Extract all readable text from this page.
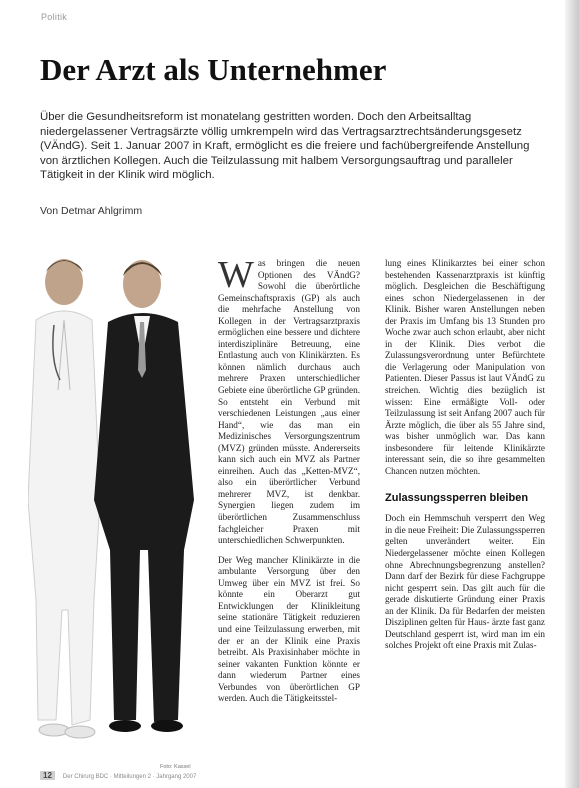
Politik
Der Arzt als Unternehmer
Über die Gesundheitsreform ist monatelang gestritten worden. Doch den Arbeitsalltag niedergelassener Vertragsärzte völlig umkrempeln wird das Vertragsarztrechtsänderungsgesetz (VÄndG). Seit 1. Januar 2007 in Kraft, ermöglicht es die freiere und fachübergreifende Anstellung von ärztlichen Kollegen. Auch die Teilzulassung mit halbem Versorgungsauftrag und paralleler Tätigkeit in der Klinik wird möglich.
Von Detmar Ahlgrimm
Foto: Kassel

Was bringen die neuen Optionen des VÄndG? Sowohl die überörtliche Gemeinschaftspraxis (GP) als auch die mehrfache Anstellung von Kollegen in der Vertragsarztpraxis ermöglichen eine bessere und dichtere interdisziplinäre Betreuung, eine Entlastung auch von Klinikärzten. Es können nämlich durchaus auch mehrere Praxen unterschiedlicher Gebiete eine überörtliche GP gründen. So entsteht ein Verbund mit verschiedenen Leistungen „aus einer Hand“, wie das man ein Medizinisches Versorgungszentrum (MVZ) gründen müsste. Andererseits kann sich auch ein MVZ als Partner einreihen. Auch das „Ketten-MVZ“, also ein überörtlicher Verbund mehrerer MVZ, ist denkbar. Synergien liegen zudem im überörtlichen Zusammenschluss fachgleicher Praxen mit unterschiedlichen Schwerpunkten.

Der Weg mancher Klinikärzte in die ambulante Versorgung über den Umweg über ein MVZ ist frei. So könnte ein Oberarzt gut Entwicklungen der Klinikleitung seine stationäre Tätigkeit reduzieren und eine Teilzulassung erwerben, mit der er an der Klinik eine Praxis betreibt. Als Praxisinhaber möchte in seiner vakanten Funktion könnte er dann wiederum Partner eines Verbundes von überörtlichen GP werden. Auch die Tätigkeitsstel-

lung eines Klinikarztes bei einer schon bestehenden Kassenarztpraxis ist künftig möglich. Desgleichen die Beschäftigung eines schon Niedergelassenen in der Klinik. Bisher waren Anstellungen neben der Praxis im Umfang bis 13 Stunden pro Woche zwar auch schon erlaubt, aber nicht in der Klinik. Dies verbot die Zulassungsverordnung unter Befürchtete die Verlagerung oder Manipulation von Patienten. Dieser Passus ist laut VÄndG zu streichen. Wichtig dies bezüglich ist wissen: Eine ermäßigte Voll- oder Teilzulassung ist seit Anfang 2007 auch für Ärzte möglich, die über als 55 Jahre sind, was bisher unmöglich war. Das kann insbesondere für leitende Klinikärzte interessant sein, die so ihre gesammelten Chancen nutzen möchten.

Zulassungssperren bleiben

Doch ein Hemmschuh versperrt den Weg in die neue Freiheit: Die Zulassungssperren gelten unverändert weiter. Ein Niedergelassener möchte einen Kollegen ohne Abrechnungsbegrenzung anstellen? Dann darf der Bezirk für diese Fachgruppe nicht gesperrt sein. Das gilt auch für die gerade diskutierte Gründung einer Praxis an der Klinik. Da für Bedarfen der meisten Disziplinen gelten für Haus- ärzte fast ganz Deutschland gesperrt ist, wird man im ein solches Projekt oft eine Praxis mit Zulas-

12 Der Chirurg BDC · Mitteilungen 2 · Jahrgang 2007
